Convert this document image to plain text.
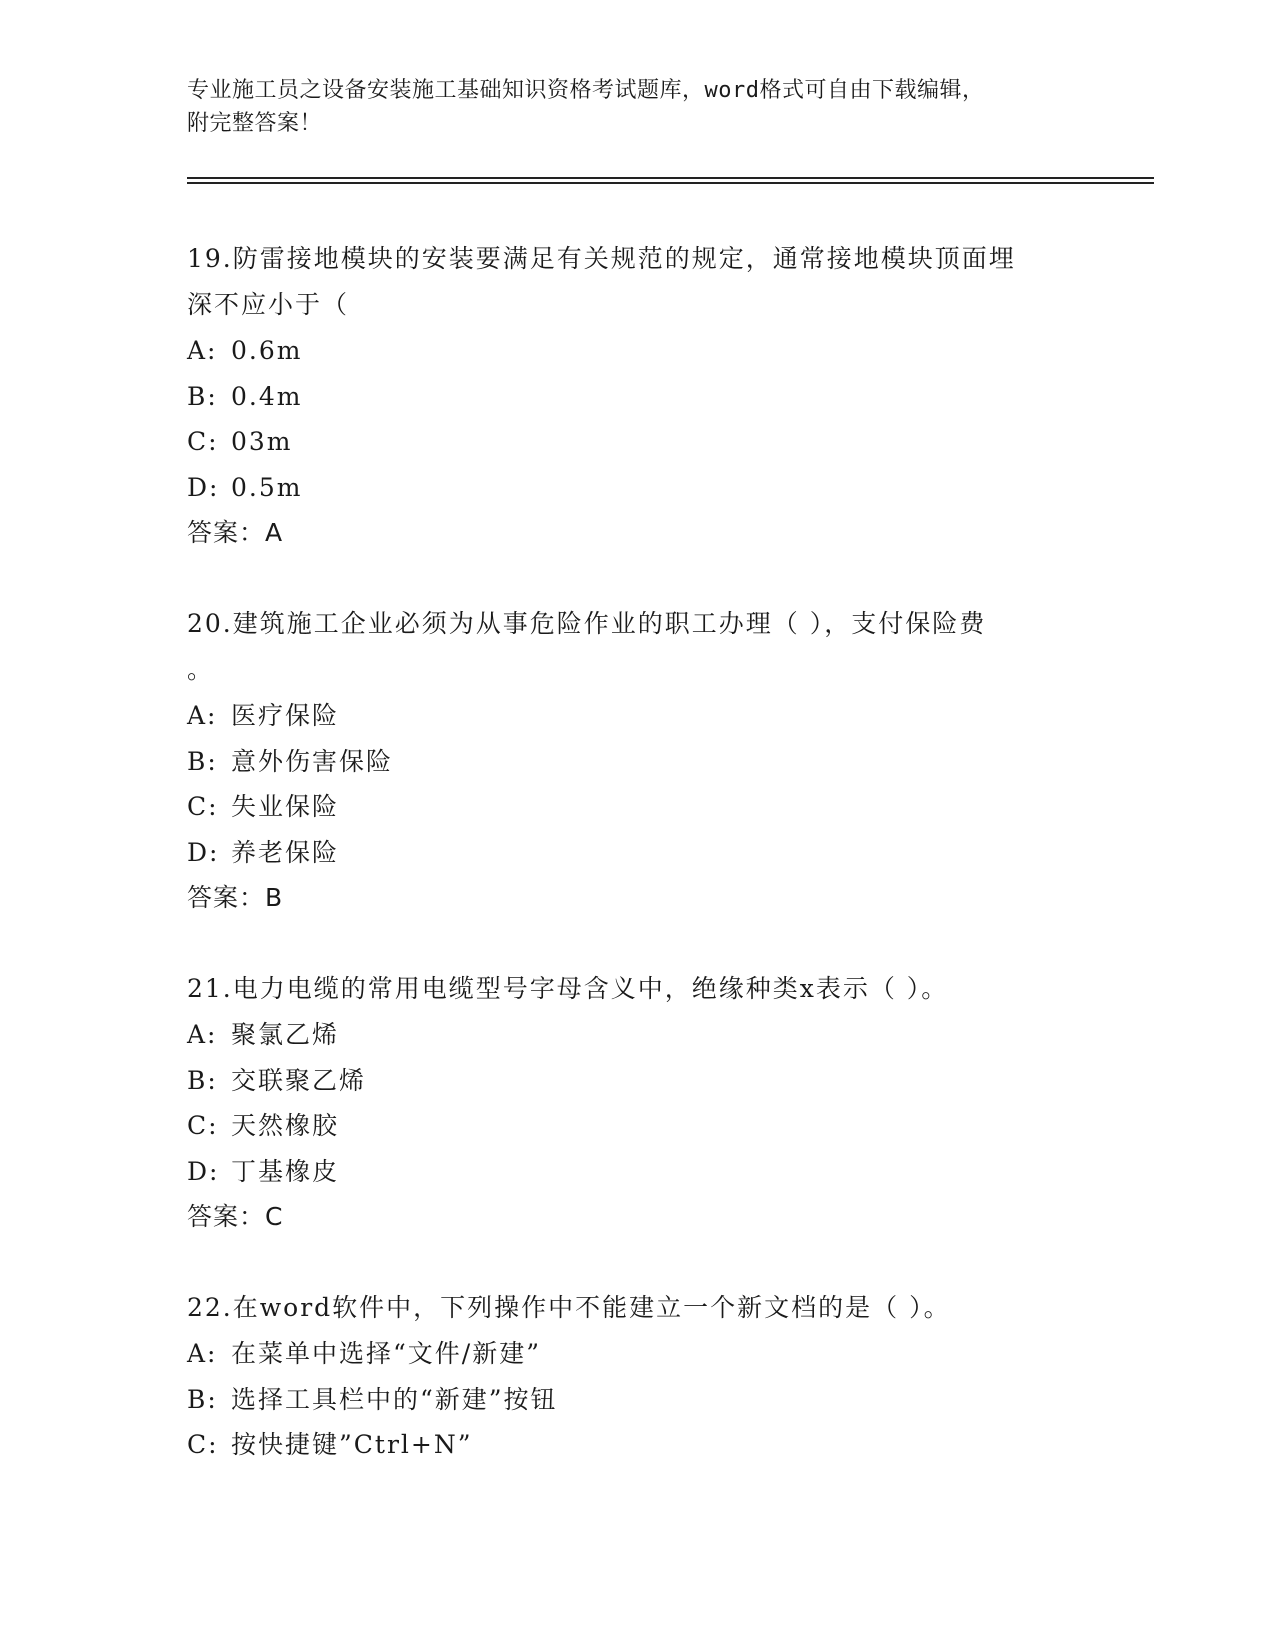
专业施工员之设备安装施工基础知识资格考试题库，word格式可自由下载编辑，
附完整答案！
19.防雷接地模块的安装要满足有关规范的规定，通常接地模块顶面埋
深不应小于（
A: 0.6m
B: 0.4m
C: 03m
D: 0.5m
答案：A
20.建筑施工企业必须为从事危险作业的职工办理（ ），支付保险费
。
A: 医疗保险
B: 意外伤害保险
C: 失业保险
D: 养老保险
答案：B
21.电力电缆的常用电缆型号字母含义中，绝缘种类x表示（ ）。
A: 聚氯乙烯
B: 交联聚乙烯
C: 天然橡胶
D: 丁基橡皮
答案：C
22.在word软件中，下列操作中不能建立一个新文档的是（ ）。
A: 在菜单中选择“文件/新建”
B: 选择工具栏中的“新建”按钮
C: 按快捷键”Ctrl+N”
